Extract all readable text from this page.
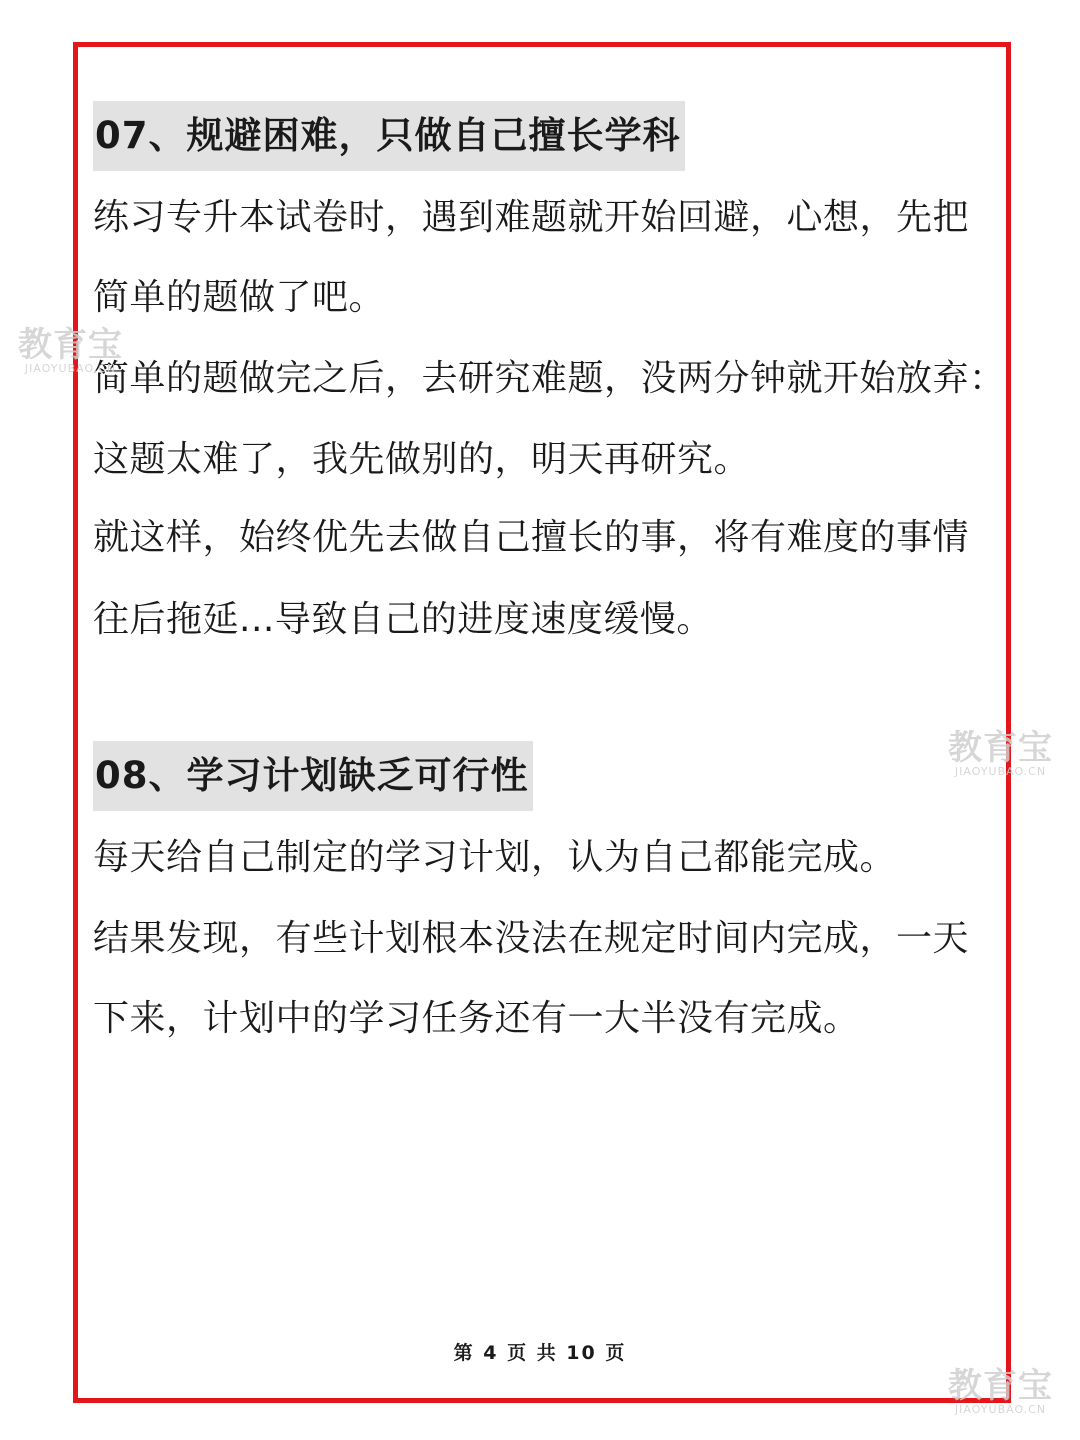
07、规避困难，只做自己擅长学科
练习专升本试卷时，遇到难题就开始回避，心想，先把
简单的题做了吧。
简单的题做完之后，去研究难题，没两分钟就开始放弃：
这题太难了，我先做别的，明天再研究。
就这样，始终优先去做自己擅长的事，将有难度的事情
往后拖延...导致自己的进度速度缓慢。
08、学习计划缺乏可行性
每天给自己制定的学习计划，认为自己都能完成。
结果发现，有些计划根本没法在规定时间内完成，一天
下来，计划中的学习任务还有一大半没有完成。
第 4 页 共 10 页
教育宝
JIAOYUBAO.CN
教育宝
JIAOYUBAO.CN
教育宝
JIAOYUBAO.CN
